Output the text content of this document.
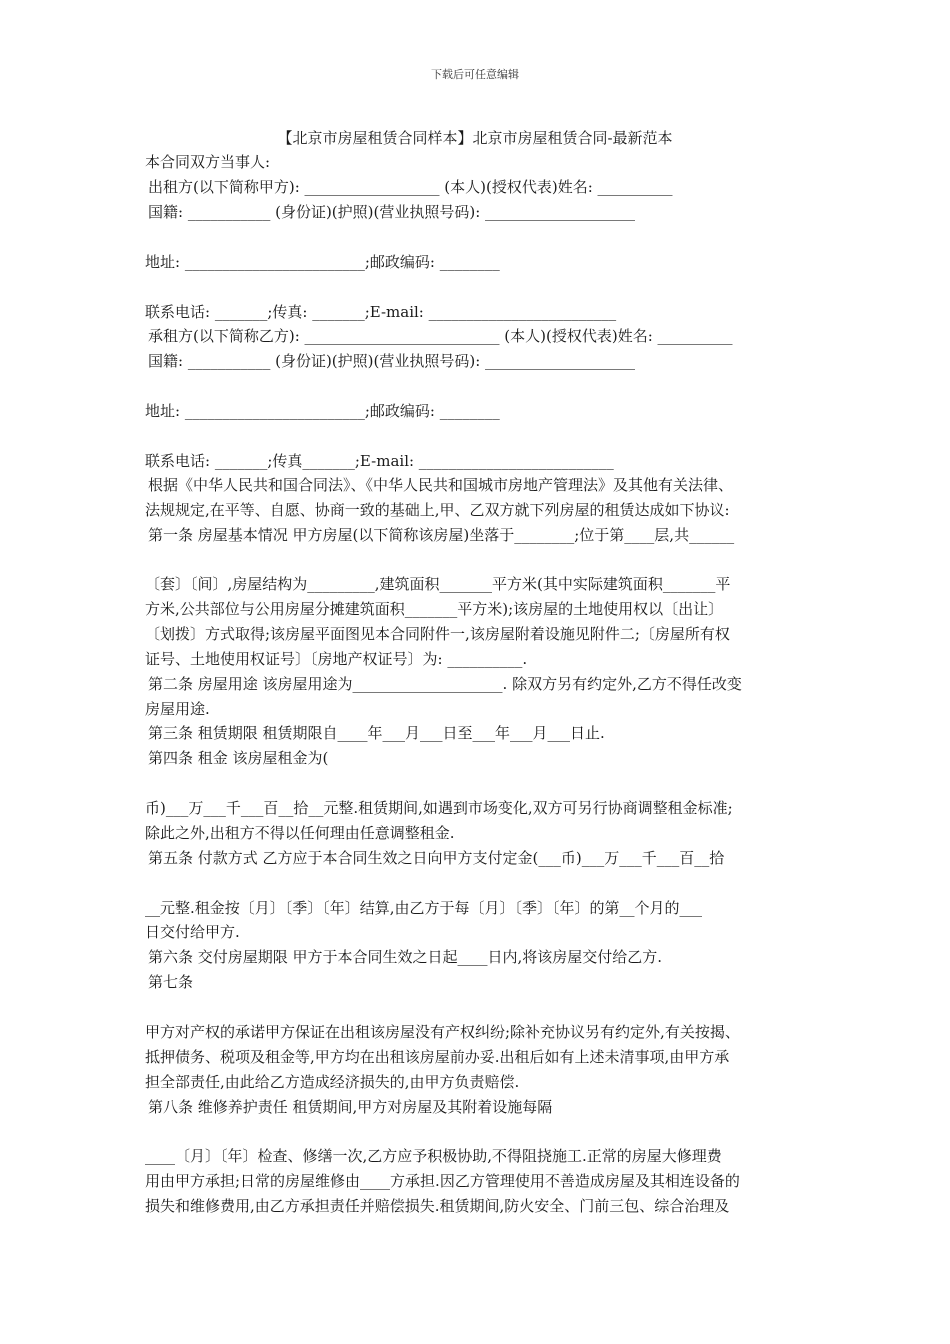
下载后可任意编辑
【北京市房屋租赁合同样本】北京市房屋租赁合同-最新范本
本合同双方当事人:
出租方(以下简称甲方): __________________ (本人)(授权代表)姓名: __________
国籍: ___________ (身份证)(护照)(营业执照号码): ____________________
地址: ________________________;邮政编码: ________
联系电话: _______;传真: _______;E-mail: _________________________
承租方(以下简称乙方): __________________________ (本人)(授权代表)姓名: __________
国籍: ___________ (身份证)(护照)(营业执照号码): ____________________
地址: ________________________;邮政编码: ________
联系电话: _______;传真_______;E-mail: __________________________
根据《中华人民共和国合同法》、《中华人民共和国城市房地产管理法》及其他有关法律、
法规规定,在平等、自愿、协商一致的基础上,甲、乙双方就下列房屋的租赁达成如下协议:
第一条 房屋基本情况 甲方房屋(以下简称该房屋)坐落于________;位于第____层,共______
〔套〕〔间〕,房屋结构为_________,建筑面积_______平方米(其中实际建筑面积_______平
方米,公共部位与公用房屋分摊建筑面积_______平方米);该房屋的土地使用权以〔出让〕
〔划拨〕方式取得;该房屋平面图见本合同附件一,该房屋附着设施见附件二;〔房屋所有权
证号、土地使用权证号〕〔房地产权证号〕为: __________.
第二条 房屋用途 该房屋用途为____________________. 除双方另有约定外,乙方不得任改变
房屋用途.
第三条 租赁期限 租赁期限自____年___月___日至___年___月___日止.
第四条 租金 该房屋租金为(
币)___万___千___百__拾__元整.租赁期间,如遇到市场变化,双方可另行协商调整租金标准;
除此之外,出租方不得以任何理由任意调整租金.
第五条 付款方式 乙方应于本合同生效之日向甲方支付定金(___币)___万___千___百__拾
__元整.租金按〔月〕〔季〕〔年〕结算,由乙方于每〔月〕〔季〕〔年〕的第__个月的___
日交付给甲方.
第六条 交付房屋期限 甲方于本合同生效之日起____日内,将该房屋交付给乙方.
第七条
甲方对产权的承诺甲方保证在出租该房屋没有产权纠纷;除补充协议另有约定外,有关按揭、
抵押债务、税项及租金等,甲方均在出租该房屋前办妥.出租后如有上述未清事项,由甲方承
担全部责任,由此给乙方造成经济损失的,由甲方负责赔偿.
第八条 维修养护责任 租赁期间,甲方对房屋及其附着设施每隔
____〔月〕〔年〕检查、修缮一次,乙方应予积极协助,不得阻挠施工.正常的房屋大修理费
用由甲方承担;日常的房屋维修由____方承担.因乙方管理使用不善造成房屋及其相连设备的
损失和维修费用,由乙方承担责任并赔偿损失.租赁期间,防火安全、门前三包、综合治理及
